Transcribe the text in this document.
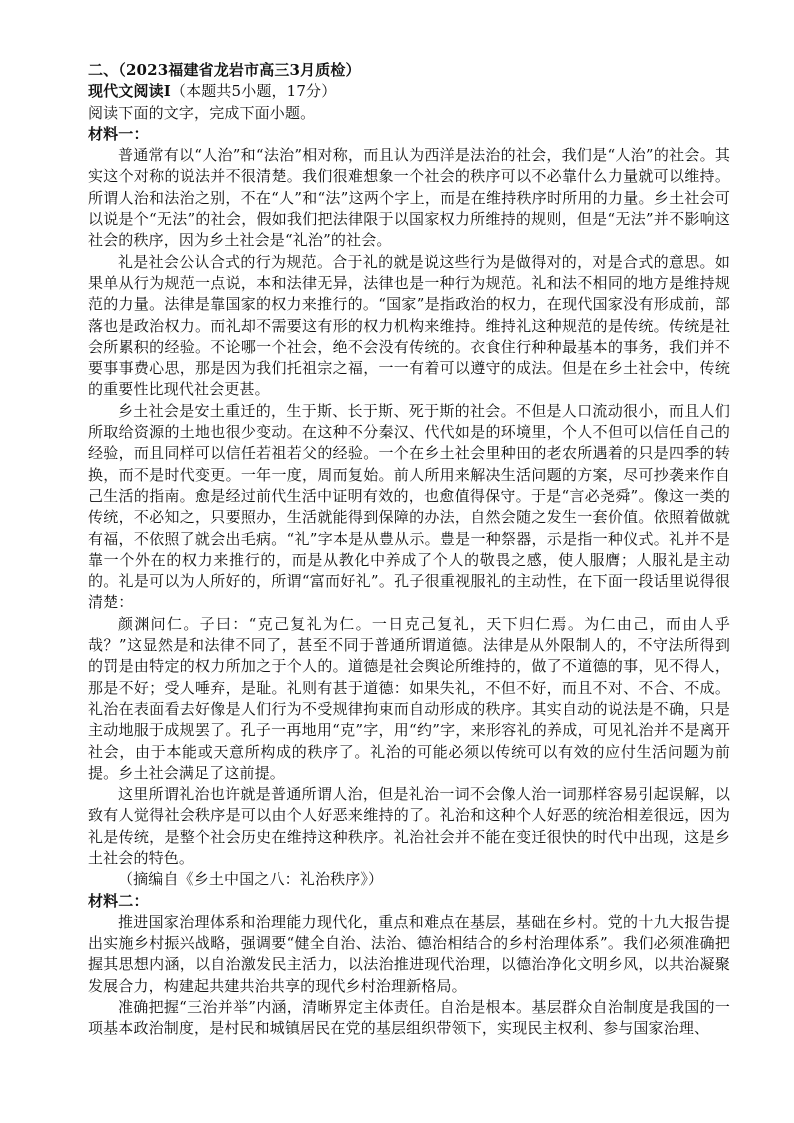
二、（2023福建省龙岩市高三3月质检）

现代文阅读Ⅰ（本题共5小题，17分）

阅读下面的文字，完成下面小题。

材料一：

普通常有以“人治”和“法治”相对称，而且认为西洋是法治的社会，我们是“人治”的社会。其实这个对称的说法并不很清楚。我们很难想象一个社会的秩序可以不必靠什么力量就可以维持。所谓人治和法治之别，不在“人”和“法”这两个字上，而是在维持秩序时所用的力量。乡土社会可以说是个“无法”的社会，假如我们把法律限于以国家权力所维持的规则，但是“无法”并不影响这社会的秩序，因为乡土社会是“礼治”的社会。

礼是社会公认合式的行为规范。合于礼的就是说这些行为是做得对的，对是合式的意思。如果单从行为规范一点说，本和法律无异，法律也是一种行为规范。礼和法不相同的地方是维持规范的力量。法律是靠国家的权力来推行的。“国家”是指政治的权力，在现代国家没有形成前，部落也是政治权力。而礼却不需要这有形的权力机构来维持。维持礼这种规范的是传统。传统是社会所累积的经验。不论哪一个社会，绝不会没有传统的。衣食住行种种最基本的事务，我们并不要事事费心思，那是因为我们托祖宗之福，一一有着可以遵守的成法。但是在乡土社会中，传统的重要性比现代社会更甚。

乡土社会是安土重迁的，生于斯、长于斯、死于斯的社会。不但是人口流动很小，而且人们所取给资源的土地也很少变动。在这种不分秦汉、代代如是的环境里，个人不但可以信任自己的经验，而且同样可以信任若祖若父的经验。一个在乡土社会里种田的老农所遇着的只是四季的转换，而不是时代变更。一年一度，周而复始。前人所用来解决生活问题的方案，尽可抄袭来作自己生活的指南。愈是经过前代生活中证明有效的，也愈值得保守。于是“言必尧舜”。像这一类的传统，不必知之，只要照办，生活就能得到保障的办法，自然会随之发生一套价值。依照着做就有福，不依照了就会出毛病。“礼”字本是从豊从示。豊是一种祭器，示是指一种仪式。礼并不是靠一个外在的权力来推行的，而是从教化中养成了个人的敬畏之感，使人服膺；人服礼是主动的。礼是可以为人所好的，所谓“富而好礼”。孔子很重视服礼的主动性，在下面一段话里说得很清楚：

颜渊问仁。子曰：“克己复礼为仁。一日克己复礼，天下归仁焉。为仁由己，而由人乎哉？”这显然是和法律不同了，甚至不同于普通所谓道德。法律是从外限制人的，不守法所得到的罚是由特定的权力所加之于个人的。道德是社会舆论所维持的，做了不道德的事，见不得人，那是不好；受人唾弃，是耻。礼则有甚于道德：如果失礼，不但不好，而且不对、不合、不成。礼治在表面看去好像是人们行为不受规律拘束而自动形成的秩序。其实自动的说法是不确，只是主动地服于成规罢了。孔子一再地用“克”字，用“约”字，来形容礼的养成，可见礼治并不是离开社会，由于本能或天意所构成的秩序了。礼治的可能必须以传统可以有效的应付生活问题为前提。乡土社会满足了这前提。

这里所谓礼治也许就是普通所谓人治，但是礼治一词不会像人治一词那样容易引起误解，以致有人觉得社会秩序是可以由个人好恶来维持的了。礼治和这种个人好恶的统治相差很远，因为礼是传统，是整个社会历史在维持这种秩序。礼治社会并不能在变迁很快的时代中出现，这是乡土社会的特色。

（摘编自《乡土中国之八：礼治秩序》）

材料二：

推进国家治理体系和治理能力现代化，重点和难点在基层，基础在乡村。党的十九大报告提出实施乡村振兴战略，强调要“健全自治、法治、德治相结合的乡村治理体系”。我们必须准确把握其思想内涵，以自治激发民主活力，以法治推进现代治理，以德治净化文明乡风，以共治凝聚发展合力，构建起共建共治共享的现代乡村治理新格局。

准确把握“三治并举”内涵，清晰界定主体责任。自治是根本。基层群众自治制度是我国的一项基本政治制度，是村民和城镇居民在党的基层组织带领下，实现民主权利、参与国家治理、
